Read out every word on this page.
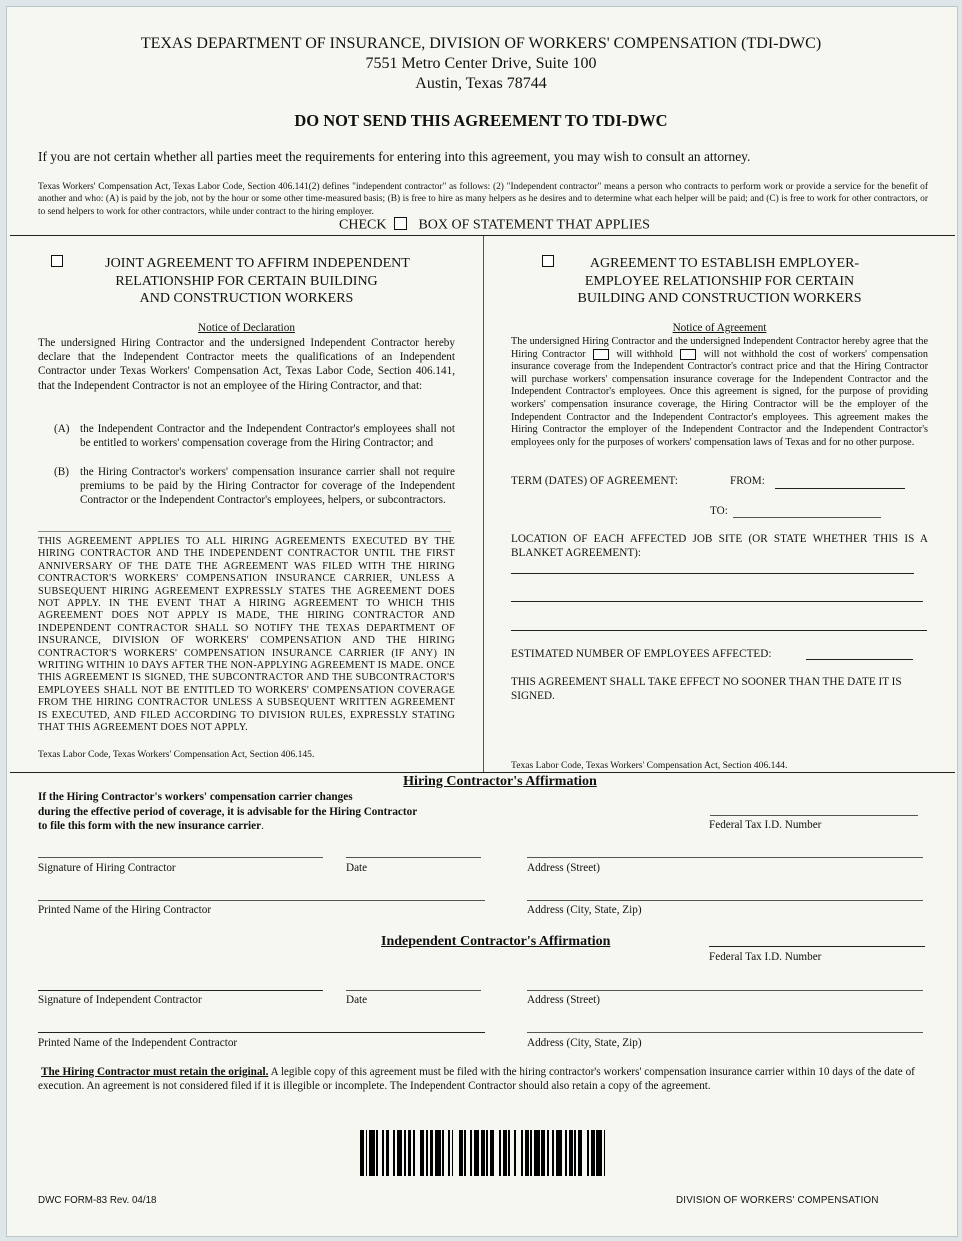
TEXAS DEPARTMENT OF INSURANCE, DIVISION OF WORKERS' COMPENSATION (TDI-DWC)
7551 Metro Center Drive, Suite 100
Austin, Texas 78744
DO NOT SEND THIS AGREEMENT TO TDI-DWC
If you are not certain whether all parties meet the requirements for entering into this agreement, you may wish to consult an attorney.
Texas Workers' Compensation Act, Texas Labor Code, Section 406.141(2) defines "independent contractor" as follows: (2) "Independent contractor" means a person who contracts to perform work or provide a service for the benefit of another and who: (A) is paid by the job, not by the hour or some other time-measured basis; (B) is free to hire as many helpers as he desires and to determine what each helper will be paid; and (C) is free to work for other contractors, or to send helpers to work for other contractors, while under contract to the hiring employer.
CHECK BOX OF STATEMENT THAT APPLIES
JOINT AGREEMENT TO AFFIRM INDEPENDENT
RELATIONSHIP FOR CERTAIN BUILDING
AND CONSTRUCTION WORKERS
Notice of Declaration
The undersigned Hiring Contractor and the undersigned Independent Contractor hereby declare that the Independent Contractor meets the qualifications of an Independent Contractor under Texas Workers' Compensation Act, Texas Labor Code, Section 406.141, that the Independent Contractor is not an employee of the Hiring Contractor, and that:
(A) the Independent Contractor and the Independent Contractor's employees shall not be entitled to workers' compensation coverage from the Hiring Contractor; and
(B) the Hiring Contractor's workers' compensation insurance carrier shall not require premiums to be paid by the Hiring Contractor for coverage of the Independent Contractor or the Independent Contractor's employees, helpers, or subcontractors.
THIS AGREEMENT APPLIES TO ALL HIRING AGREEMENTS EXECUTED BY THE HIRING CONTRACTOR AND THE INDEPENDENT CONTRACTOR UNTIL THE FIRST ANNIVERSARY OF THE DATE THE AGREEMENT WAS FILED WITH THE HIRING CONTRACTOR'S WORKERS' COMPENSATION INSURANCE CARRIER, UNLESS A SUBSEQUENT HIRING AGREEMENT EXPRESSLY STATES THE AGREEMENT DOES NOT APPLY. IN THE EVENT THAT A HIRING AGREEMENT TO WHICH THIS AGREEMENT DOES NOT APPLY IS MADE, THE HIRING CONTRACTOR AND INDEPENDENT CONTRACTOR SHALL SO NOTIFY THE TEXAS DEPARTMENT OF INSURANCE, DIVISION OF WORKERS' COMPENSATION AND THE HIRING CONTRACTOR'S WORKERS' COMPENSATION INSURANCE CARRIER (IF ANY) IN WRITING WITHIN 10 DAYS AFTER THE NON-APPLYING AGREEMENT IS MADE. ONCE THIS AGREEMENT IS SIGNED, THE SUBCONTRACTOR AND THE SUBCONTRACTOR'S EMPLOYEES SHALL NOT BE ENTITLED TO WORKERS' COMPENSATION COVERAGE FROM THE HIRING CONTRACTOR UNLESS A SUBSEQUENT WRITTEN AGREEMENT IS EXECUTED, AND FILED ACCORDING TO DIVISION RULES, EXPRESSLY STATING THAT THIS AGREEMENT DOES NOT APPLY.
Texas Labor Code, Texas Workers' Compensation Act, Section 406.145.
AGREEMENT TO ESTABLISH EMPLOYER-
EMPLOYEE RELATIONSHIP FOR CERTAIN
BUILDING AND CONSTRUCTION WORKERS
Notice of Agreement
The undersigned Hiring Contractor and the undersigned Independent Contractor hereby agree that the Hiring Contractor	will withhold	will not withhold the cost of workers' compensation insurance coverage from the Independent Contractor's contract price and that the Hiring Contractor will purchase workers' compensation insurance coverage for the Independent Contractor and the Independent Contractor's employees. Once this agreement is signed, for the purpose of providing workers' compensation insurance coverage, the Hiring Contractor will be the employer of the Independent Contractor and the Independent Contractor's employees. This agreement makes the Hiring Contractor the employer of the Independent Contractor and the Independent Contractor's employees only for the purposes of workers' compensation laws of Texas and for no other purpose.
TERM (DATES) OF AGREEMENT:	FROM:
TO:
LOCATION OF EACH AFFECTED JOB SITE (OR STATE WHETHER THIS IS A BLANKET AGREEMENT):
ESTIMATED NUMBER OF EMPLOYEES AFFECTED:
THIS AGREEMENT SHALL TAKE EFFECT NO SOONER THAN THE DATE IT IS SIGNED.
Texas Labor Code, Texas Workers' Compensation Act, Section 406.144.
Hiring Contractor's Affirmation
If the Hiring Contractor's workers' compensation carrier changes
during the effective period of coverage, it is advisable for the Hiring Contractor
to file this form with the new insurance carrier.	Federal Tax I.D. Number
Signature of Hiring Contractor	Date	Address (Street)
Printed Name of the Hiring Contractor	Address (City, State, Zip)
Independent Contractor's Affirmation
Federal Tax I.D. Number
Signature of Independent Contractor	Date	Address (Street)
Printed Name of the Independent Contractor	Address (City, State, Zip)
The Hiring Contractor must retain the original. A legible copy of this agreement must be filed with the hiring contractor's workers' compensation insurance carrier within 10 days of the date of execution. An agreement is not considered filed if it is illegible or incomplete. The Independent Contractor should also retain a copy of the agreement.
DWC FORM-83 Rev. 04/18	DIVISION OF WORKERS' COMPENSATION
